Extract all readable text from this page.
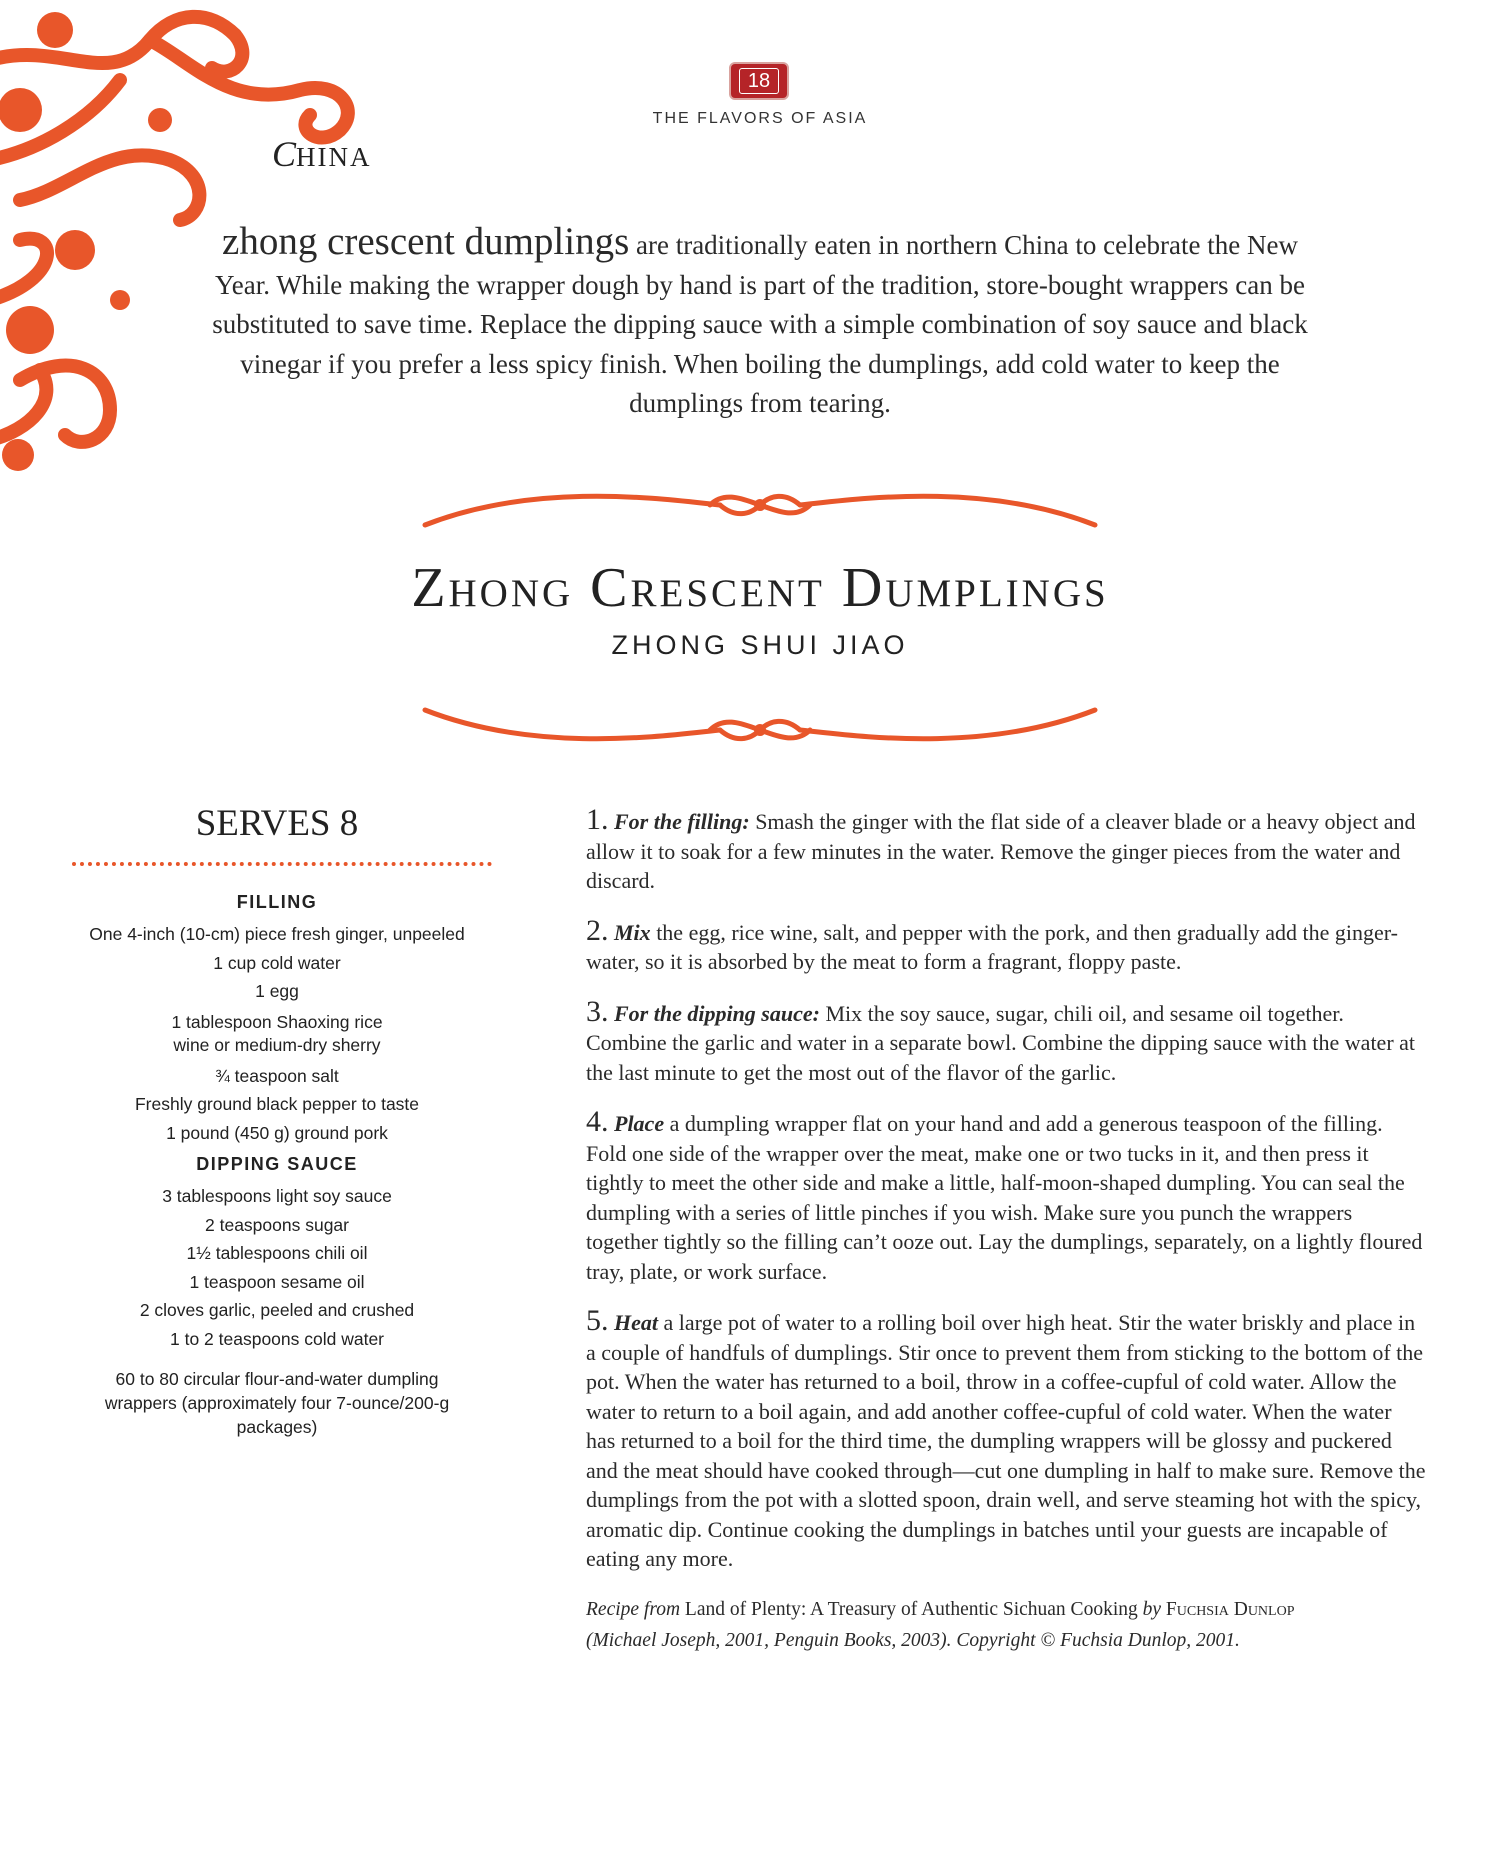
18
THE FLAVORS OF ASIA
CHINA
zhong crescent dumplings are traditionally eaten in northern China to celebrate the New Year. While making the wrapper dough by hand is part of the tradition, store-bought wrappers can be substituted to save time. Replace the dipping sauce with a simple combination of soy sauce and black vinegar if you prefer a less spicy finish. When boiling the dumplings, add cold water to keep the dumplings from tearing.
Zhong Crescent Dumplings
ZHONG SHUI JIAO
SERVES 8
FILLING
One 4-inch (10-cm) piece fresh ginger, unpeeled
1 cup cold water
1 egg
1 tablespoon Shaoxing rice wine or medium-dry sherry
¾ teaspoon salt
Freshly ground black pepper to taste
1 pound (450 g) ground pork
DIPPING SAUCE
3 tablespoons light soy sauce
2 teaspoons sugar
1½ tablespoons chili oil
1 teaspoon sesame oil
2 cloves garlic, peeled and crushed
1 to 2 teaspoons cold water
60 to 80 circular flour-and-water dumpling wrappers (approximately four 7-ounce/200-g packages)
1. For the filling: Smash the ginger with the flat side of a cleaver blade or a heavy object and allow it to soak for a few minutes in the water. Remove the ginger pieces from the water and discard.
2. Mix the egg, rice wine, salt, and pepper with the pork, and then gradually add the ginger-water, so it is absorbed by the meat to form a fragrant, floppy paste.
3. For the dipping sauce: Mix the soy sauce, sugar, chili oil, and sesame oil together. Combine the garlic and water in a separate bowl. Combine the dipping sauce with the water at the last minute to get the most out of the flavor of the garlic.
4. Place a dumpling wrapper flat on your hand and add a generous teaspoon of the filling. Fold one side of the wrapper over the meat, make one or two tucks in it, and then press it tightly to meet the other side and make a little, half-moon-shaped dumpling. You can seal the dumpling with a series of little pinches if you wish. Make sure you punch the wrappers together tightly so the filling can’t ooze out. Lay the dumplings, separately, on a lightly floured tray, plate, or work surface.
5. Heat a large pot of water to a rolling boil over high heat. Stir the water briskly and place in a couple of handfuls of dumplings. Stir once to prevent them from sticking to the bottom of the pot. When the water has returned to a boil, throw in a coffee-cupful of cold water. Allow the water to return to a boil again, and add another coffee-cupful of cold water. When the water has returned to a boil for the third time, the dumpling wrappers will be glossy and puckered and the meat should have cooked through—cut one dumpling in half to make sure. Remove the dumplings from the pot with a slotted spoon, drain well, and serve steaming hot with the spicy, aromatic dip. Continue cooking the dumplings in batches until your guests are incapable of eating any more.
Recipe from Land of Plenty: A Treasury of Authentic Sichuan Cooking by Fuchsia Dunlop
(Michael Joseph, 2001, Penguin Books, 2003). Copyright © Fuchsia Dunlop, 2001.
